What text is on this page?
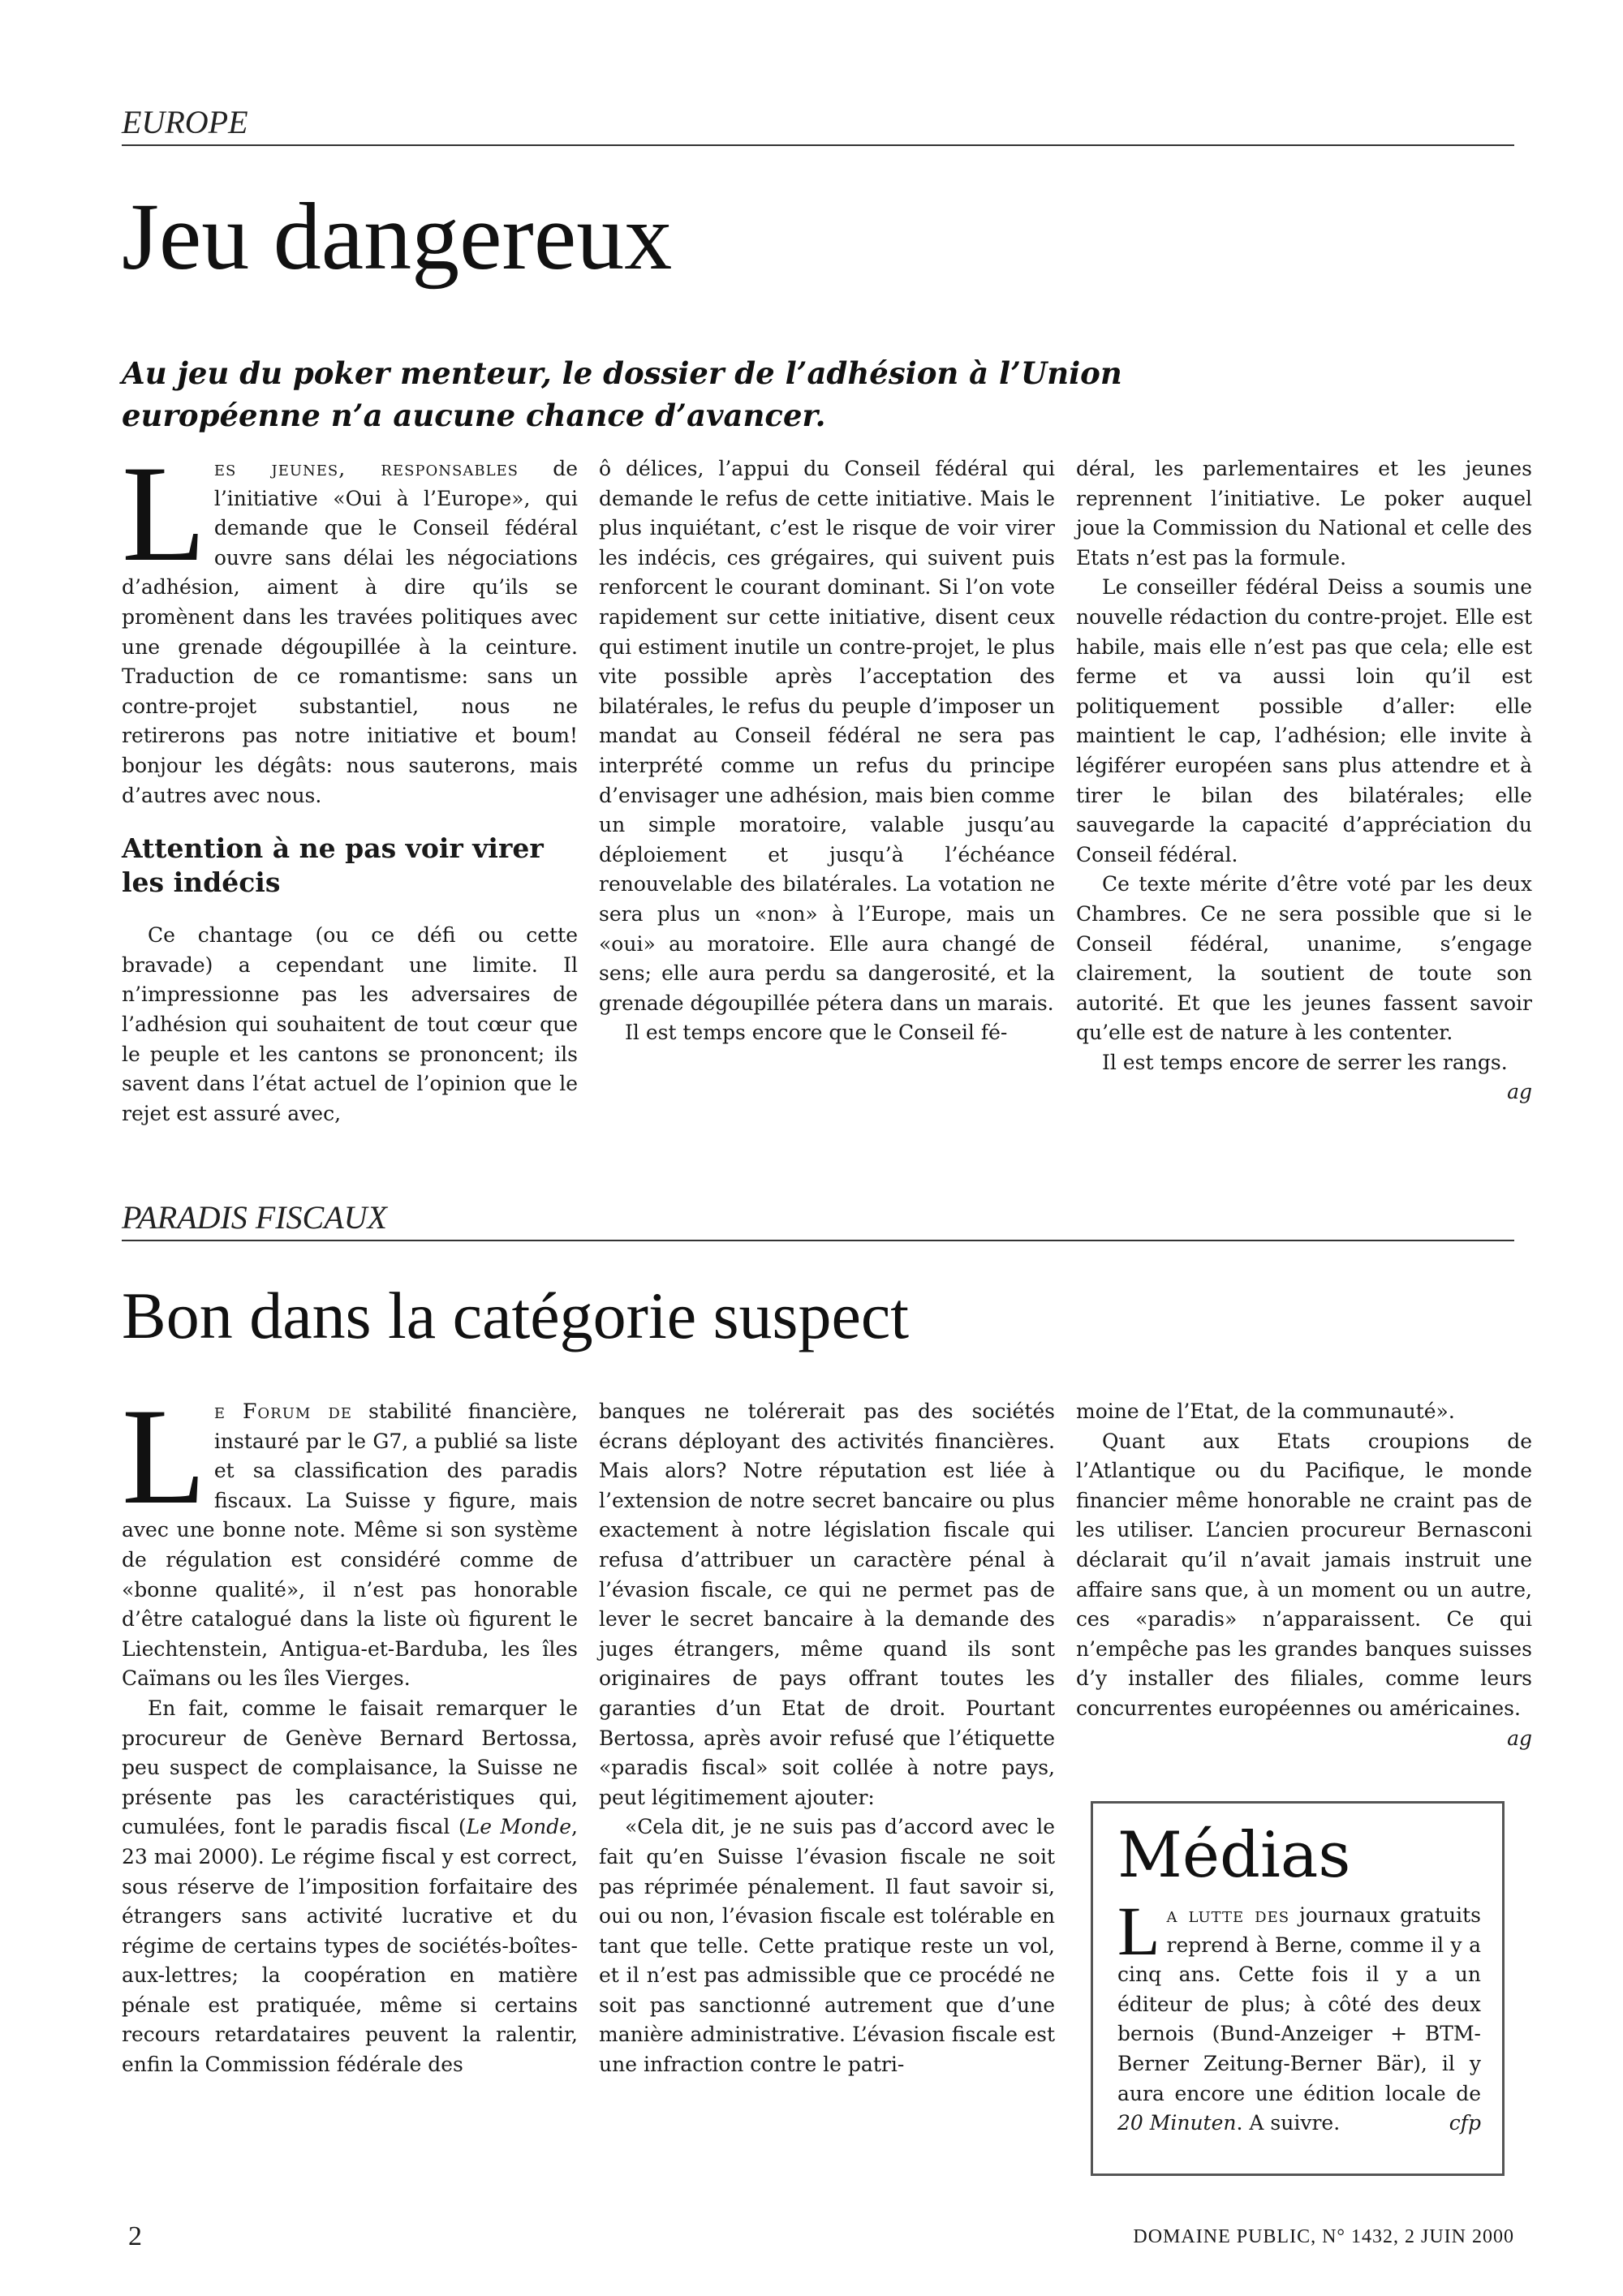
EUROPE
Jeu dangereux

Au jeu du poker menteur, le dossier de l’adhésion à l’Union européenne n’a aucune chance d’avancer.

Les jeunes, responsables de l’initiative «Oui à l’Europe», qui demande que le Conseil fédéral ouvre sans délai les négociations d’adhésion, aiment à dire qu’ils se promènent dans les travées politiques avec une grenade dégoupillée à la ceinture. Traduction de ce romantisme: sans un contre-projet substantiel, nous ne retirerons pas notre initiative et boum! bonjour les dégâts: nous sauterons, mais d’autres avec nous.

Attention à ne pas voir virer les indécis

Ce chantage (ou ce défi ou cette bravade) a cependant une limite. Il n’impressionne pas les adversaires de l’adhésion qui souhaitent de tout cœur que le peuple et les cantons se prononcent; ils savent dans l’état actuel de l’opinion que le rejet est assuré avec,

ô délices, l’appui du Conseil fédéral qui demande le refus de cette initiative. Mais le plus inquiétant, c’est le risque de voir virer les indécis, ces grégaires, qui suivent puis renforcent le courant dominant. Si l’on vote rapidement sur cette initiative, disent ceux qui estiment inutile un contre-projet, le plus vite possible après l’acceptation des bilatérales, le refus du peuple d’imposer un mandat au Conseil fédéral ne sera pas interprété comme un refus du principe d’envisager une adhésion, mais bien comme un simple moratoire, valable jusqu’au déploiement et jusqu’à l’échéance renouvelable des bilatérales. La votation ne sera plus un «non» à l’Europe, mais un «oui» au moratoire. Elle aura changé de sens; elle aura perdu sa dangerosité, et la grenade dégoupillée pétera dans un marais.

Il est temps encore que le Conseil fé-

déral, les parlementaires et les jeunes reprennent l’initiative. Le poker auquel joue la Commission du National et celle des Etats n’est pas la formule.

Le conseiller fédéral Deiss a soumis une nouvelle rédaction du contre-projet. Elle est habile, mais elle n’est pas que cela; elle est ferme et va aussi loin qu’il est politiquement possible d’aller: elle maintient le cap, l’adhésion; elle invite à légiférer européen sans plus attendre et à tirer le bilan des bilatérales; elle sauvegarde la capacité d’appréciation du Conseil fédéral.

Ce texte mérite d’être voté par les deux Chambres. Ce ne sera possible que si le Conseil fédéral, unanime, s’engage clairement, la soutient de toute son autorité. Et que les jeunes fassent savoir qu’elle est de nature à les contenter.

Il est temps encore de serrer les rangs.
ag

PARADIS FISCAUX
Bon dans la catégorie suspect

Le Forum de stabilité financière, instauré par le G7, a publié sa liste et sa classification des paradis fiscaux. La Suisse y figure, mais avec une bonne note. Même si son système de régulation est considéré comme de «bonne qualité», il n’est pas honorable d’être catalogué dans la liste où figurent le Liechtenstein, Antigua-et-Barduba, les îles Caïmans ou les îles Vierges.

En fait, comme le faisait remarquer le procureur de Genève Bernard Bertossa, peu suspect de complaisance, la Suisse ne présente pas les caractéristiques qui, cumulées, font le paradis fiscal (Le Monde, 23 mai 2000). Le régime fiscal y est correct, sous réserve de l’imposition forfaitaire des étrangers sans activité lucrative et du régime de certains types de sociétés-boîtes-aux-lettres; la coopération en matière pénale est pratiquée, même si certains recours retardataires peuvent la ralentir, enfin la Commission fédérale des

banques ne tolérerait pas des sociétés écrans déployant des activités financières. Mais alors? Notre réputation est liée à l’extension de notre secret bancaire ou plus exactement à notre législation fiscale qui refusa d’attribuer un caractère pénal à l’évasion fiscale, ce qui ne permet pas de lever le secret bancaire à la demande des juges étrangers, même quand ils sont originaires de pays offrant toutes les garanties d’un Etat de droit. Pourtant Bertossa, après avoir refusé que l’étiquette «paradis fiscal» soit collée à notre pays, peut légitimement ajouter:

«Cela dit, je ne suis pas d’accord avec le fait qu’en Suisse l’évasion fiscale ne soit pas réprimée pénalement. Il faut savoir si, oui ou non, l’évasion fiscale est tolérable en tant que telle. Cette pratique reste un vol, et il n’est pas admissible que ce procédé ne soit pas sanctionné autrement que d’une manière administrative. L’évasion fiscale est une infraction contre le patri-

moine de l’Etat, de la communauté».

Quant aux Etats croupions de l’Atlantique ou du Pacifique, le monde financier même honorable ne craint pas de les utiliser. L’ancien procureur Bernasconi déclarait qu’il n’avait jamais instruit une affaire sans que, à un moment ou un autre, ces «paradis» n’apparaissent. Ce qui n’empêche pas les grandes banques suisses d’y installer des filiales, comme leurs concurrentes européennes ou américaines.
ag

Médias

La lutte des journaux gratuits reprend à Berne, comme il y a cinq ans. Cette fois il y a un éditeur de plus; à côté des deux bernois (Bund-Anzeiger + BTM-Berner Zeitung-Berner Bär), il y aura encore une édition locale de 20 Minuten. A suivre.	cfp

2	DOMAINE PUBLIC, N° 1432, 2 JUIN 2000
